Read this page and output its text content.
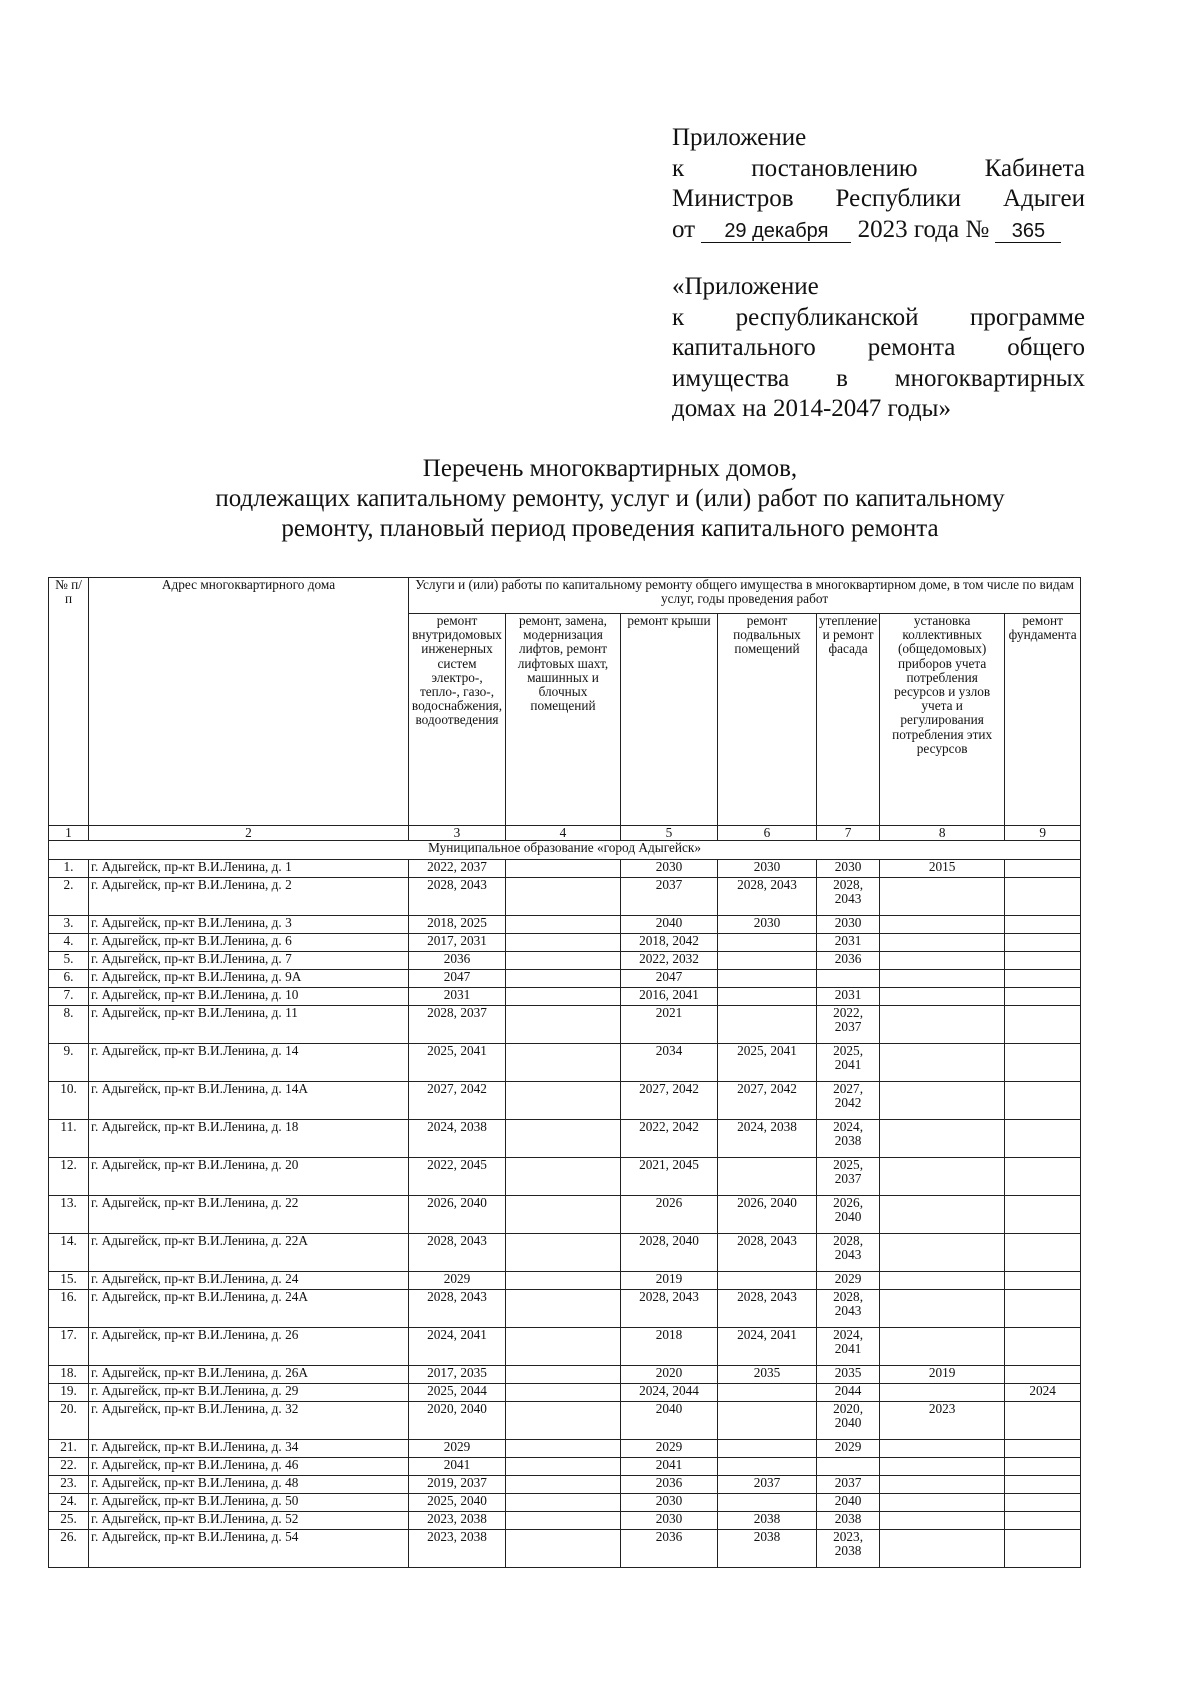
Приложение
к	постановлению	Кабинета
Министров Республики Адыгеи
от 29 декабря 2023 года № 365
«Приложение
к республиканской программе
капитального ремонта общего
имущества в многоквартирных
домах на 2014-2047 годы»
Перечень многоквартирных домов,
подлежащих капитальному ремонту, услуг и (или) работ по капитальному
ремонту, плановый период проведения капитального ремонта
№ п/ п	Адрес многоквартирного дома	Услуги и (или) работы по капитальному ремонту общего имущества в многоквартирном доме, в том числе по видам услуг, годы проведения работ						
		ремонт внутридомовых инженерных систем электро-, тепло-, газо-, водоснабжения, водоотведения	ремонт, замена, модернизация лифтов, ремонт лифтовых шахт, машинных и блочных помещений	ремонт крыши	ремонт подвальных помещений	утепление и ремонт фасада	установка коллективных (общедомовых) приборов учета потребления ресурсов и узлов учета и регулирования потребления этих ресурсов	ремонт фундамента
1	2	3	4	5	6	7	8	9
Муниципальное образование «город Адыгейск»								
1.	г. Адыгейск, пр-кт В.И.Ленина, д. 1	2022, 2037		2030	2030	2030	2015	
2.	г. Адыгейск, пр-кт В.И.Ленина, д. 2	2028, 2043		2037	2028, 2043	2028, 2043		
3.	г. Адыгейск, пр-кт В.И.Ленина, д. 3	2018, 2025		2040	2030	2030		
4.	г. Адыгейск, пр-кт В.И.Ленина, д. 6	2017, 2031		2018, 2042		2031		
5.	г. Адыгейск, пр-кт В.И.Ленина, д. 7	2036		2022, 2032		2036		
6.	г. Адыгейск, пр-кт В.И.Ленина, д. 9А	2047		2047				
7.	г. Адыгейск, пр-кт В.И.Ленина, д. 10	2031		2016, 2041		2031		
8.	г. Адыгейск, пр-кт В.И.Ленина, д. 11	2028, 2037		2021		2022, 2037		
9.	г. Адыгейск, пр-кт В.И.Ленина, д. 14	2025, 2041		2034	2025, 2041	2025, 2041		
10.	г. Адыгейск, пр-кт В.И.Ленина, д. 14А	2027, 2042		2027, 2042	2027, 2042	2027, 2042		
11.	г. Адыгейск, пр-кт В.И.Ленина, д. 18	2024, 2038		2022, 2042	2024, 2038	2024, 2038		
12.	г. Адыгейск, пр-кт В.И.Ленина, д. 20	2022, 2045		2021, 2045		2025, 2037		
13.	г. Адыгейск, пр-кт В.И.Ленина, д. 22	2026, 2040		2026	2026, 2040	2026, 2040		
14.	г. Адыгейск, пр-кт В.И.Ленина, д. 22А	2028, 2043		2028, 2040	2028, 2043	2028, 2043		
15.	г. Адыгейск, пр-кт В.И.Ленина, д. 24	2029		2019		2029		
16.	г. Адыгейск, пр-кт В.И.Ленина, д. 24А	2028, 2043		2028, 2043	2028, 2043	2028, 2043		
17.	г. Адыгейск, пр-кт В.И.Ленина, д. 26	2024, 2041		2018	2024, 2041	2024, 2041		
18.	г. Адыгейск, пр-кт В.И.Ленина, д. 26А	2017, 2035		2020	2035	2035	2019	
19.	г. Адыгейск, пр-кт В.И.Ленина, д. 29	2025, 2044		2024, 2044		2044		2024
20.	г. Адыгейск, пр-кт В.И.Ленина, д. 32	2020, 2040		2040		2020, 2040	2023	
21.	г. Адыгейск, пр-кт В.И.Ленина, д. 34	2029		2029		2029		
22.	г. Адыгейск, пр-кт В.И.Ленина, д. 46	2041		2041				
23.	г. Адыгейск, пр-кт В.И.Ленина, д. 48	2019, 2037		2036	2037	2037		
24.	г. Адыгейск, пр-кт В.И.Ленина, д. 50	2025, 2040		2030		2040		
25.	г. Адыгейск, пр-кт В.И.Ленина, д. 52	2023, 2038		2030	2038	2038		
26.	г. Адыгейск, пр-кт В.И.Ленина, д. 54	2023, 2038		2036	2038	2023, 2038		
